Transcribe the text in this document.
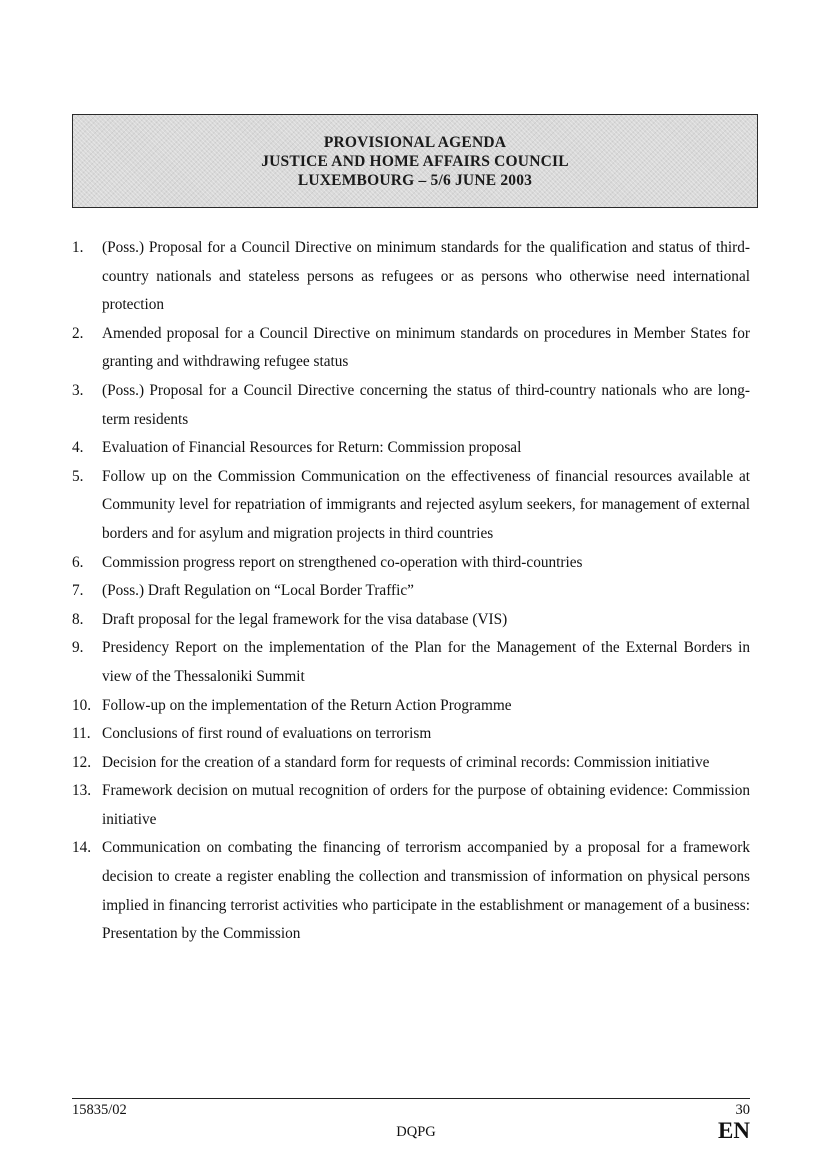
PROVISIONAL AGENDA
JUSTICE AND HOME AFFAIRS COUNCIL
LUXEMBOURG – 5/6 JUNE 2003
1. (Poss.) Proposal for a Council Directive on minimum standards for the qualification and status of third-country nationals and stateless persons as refugees or as persons who otherwise need international protection
2. Amended proposal for a Council Directive on minimum standards on procedures in Member States for granting and withdrawing refugee status
3. (Poss.) Proposal for a Council Directive concerning the status of third-country nationals who are long-term residents
4. Evaluation of Financial Resources for Return: Commission proposal
5. Follow up on the Commission Communication on the effectiveness of financial resources available at Community level for repatriation of immigrants and rejected asylum seekers, for management of external borders and for asylum and migration projects in third countries
6. Commission progress report on strengthened co-operation with third-countries
7. (Poss.) Draft Regulation on “Local Border Traffic”
8. Draft proposal for the legal framework for the visa database (VIS)
9. Presidency Report on the implementation of the Plan for the Management of the External Borders in view of the Thessaloniki Summit
10. Follow-up on the implementation of the Return Action Programme
11. Conclusions of first round of evaluations on terrorism
12. Decision for the creation of a standard form for requests of criminal records: Commission initiative
13. Framework decision on mutual recognition of orders for the purpose of obtaining evidence: Commission initiative
14. Communication on combating the financing of terrorism accompanied by a proposal for a framework decision to create a register enabling the collection and transmission of information on physical persons implied in financing terrorist activities who participate in the establishment or management of a business: Presentation by the Commission
15835/02	30
DQPG	EN
